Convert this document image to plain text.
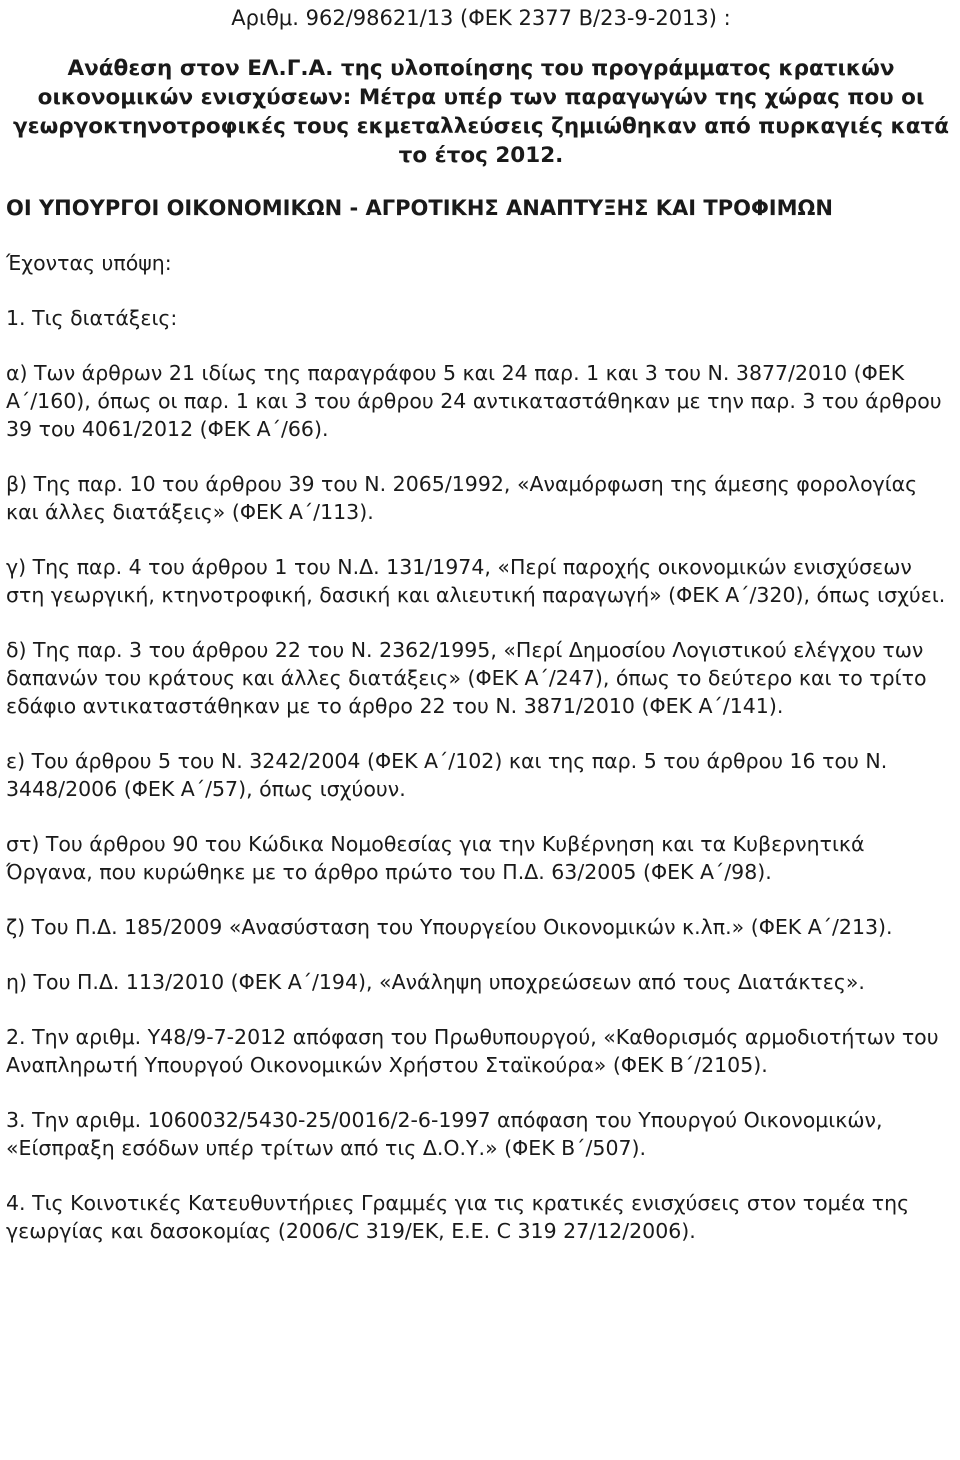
Αριθμ. 962/98621/13 (ΦΕΚ 2377 Β/23-9-2013) :

Ανάθεση στον ΕΛ.Γ.Α. της υλοποίησης του προγράμματος κρατικών οικονομικών ενισχύσεων: Μέτρα υπέρ των παραγωγών της χώρας που οι γεωργοκτηνοτροφικές τους εκμεταλλεύσεις ζημιώθηκαν από πυρκαγιές κατά το έτος 2012.

ΟΙ ΥΠΟΥΡΓΟΙ ΟΙΚΟΝΟΜΙΚΩΝ - ΑΓΡΟΤΙΚΗΣ ΑΝΑΠΤΥΞΗΣ ΚΑΙ ΤΡΟΦΙΜΩΝ

Έχοντας υπόψη:

1. Τις διατάξεις:

α) Των άρθρων 21 ιδίως της παραγράφου 5 και 24 παρ. 1 και 3 του Ν. 3877/2010 (ΦΕΚ Α΄/160), όπως οι παρ. 1 και 3 του άρθρου 24 αντικαταστάθηκαν με την παρ. 3 του άρθρου 39 του 4061/2012 (ΦΕΚ Α΄/66).

β) Της παρ. 10 του άρθρου 39 του Ν. 2065/1992, «Αναμόρφωση της άμεσης φορολογίας και άλλες διατάξεις» (ΦΕΚ Α΄/113).

γ) Της παρ. 4 του άρθρου 1 του Ν.Δ. 131/1974, «Περί παροχής οικονομικών ενισχύσεων στη γεωργική, κτηνοτροφική, δασική και αλιευτική παραγωγή» (ΦΕΚ Α΄/320), όπως ισχύει.

δ) Της παρ. 3 του άρθρου 22 του Ν. 2362/1995, «Περί Δημοσίου Λογιστικού ελέγχου των δαπανών του κράτους και άλλες διατάξεις» (ΦΕΚ Α΄/247), όπως το δεύτερο και το τρίτο εδάφιο αντικαταστάθηκαν με το άρθρο 22 του Ν. 3871/2010 (ΦΕΚ Α΄/141).

ε) Του άρθρου 5 του Ν. 3242/2004 (ΦΕΚ Α΄/102) και της παρ. 5 του άρθρου 16 του Ν. 3448/2006 (ΦΕΚ Α΄/57), όπως ισχύουν.

στ) Του άρθρου 90 του Κώδικα Νομοθεσίας για την Κυβέρνηση και τα Κυβερνητικά Όργανα, που κυρώθηκε με το άρθρο πρώτο του Π.Δ. 63/2005 (ΦΕΚ Α΄/98).

ζ) Του Π.Δ. 185/2009 «Ανασύσταση του Υπουργείου Οικονομικών κ.λπ.» (ΦΕΚ Α΄/213).

η) Του Π.Δ. 113/2010 (ΦΕΚ Α΄/194), «Ανάληψη υποχρεώσεων από τους Διατάκτες».

2. Την αριθμ. Υ48/9-7-2012 απόφαση του Πρωθυπουργού, «Καθορισμός αρμοδιοτήτων του Αναπληρωτή Υπουργού Οικονομικών Χρήστου Σταϊκούρα» (ΦΕΚ Β΄/2105).

3. Την αριθμ. 1060032/5430-25/0016/2-6-1997 απόφαση του Υπουργού Οικονομικών, «Είσπραξη εσόδων υπέρ τρίτων από τις Δ.Ο.Υ.» (ΦΕΚ Β΄/507).

4. Τις Κοινοτικές Κατευθυντήριες Γραμμές για τις κρατικές ενισχύσεις στον τομέα της γεωργίας και δασοκομίας (2006/C 319/ΕΚ, Ε.Ε. C 319 27/12/2006).
